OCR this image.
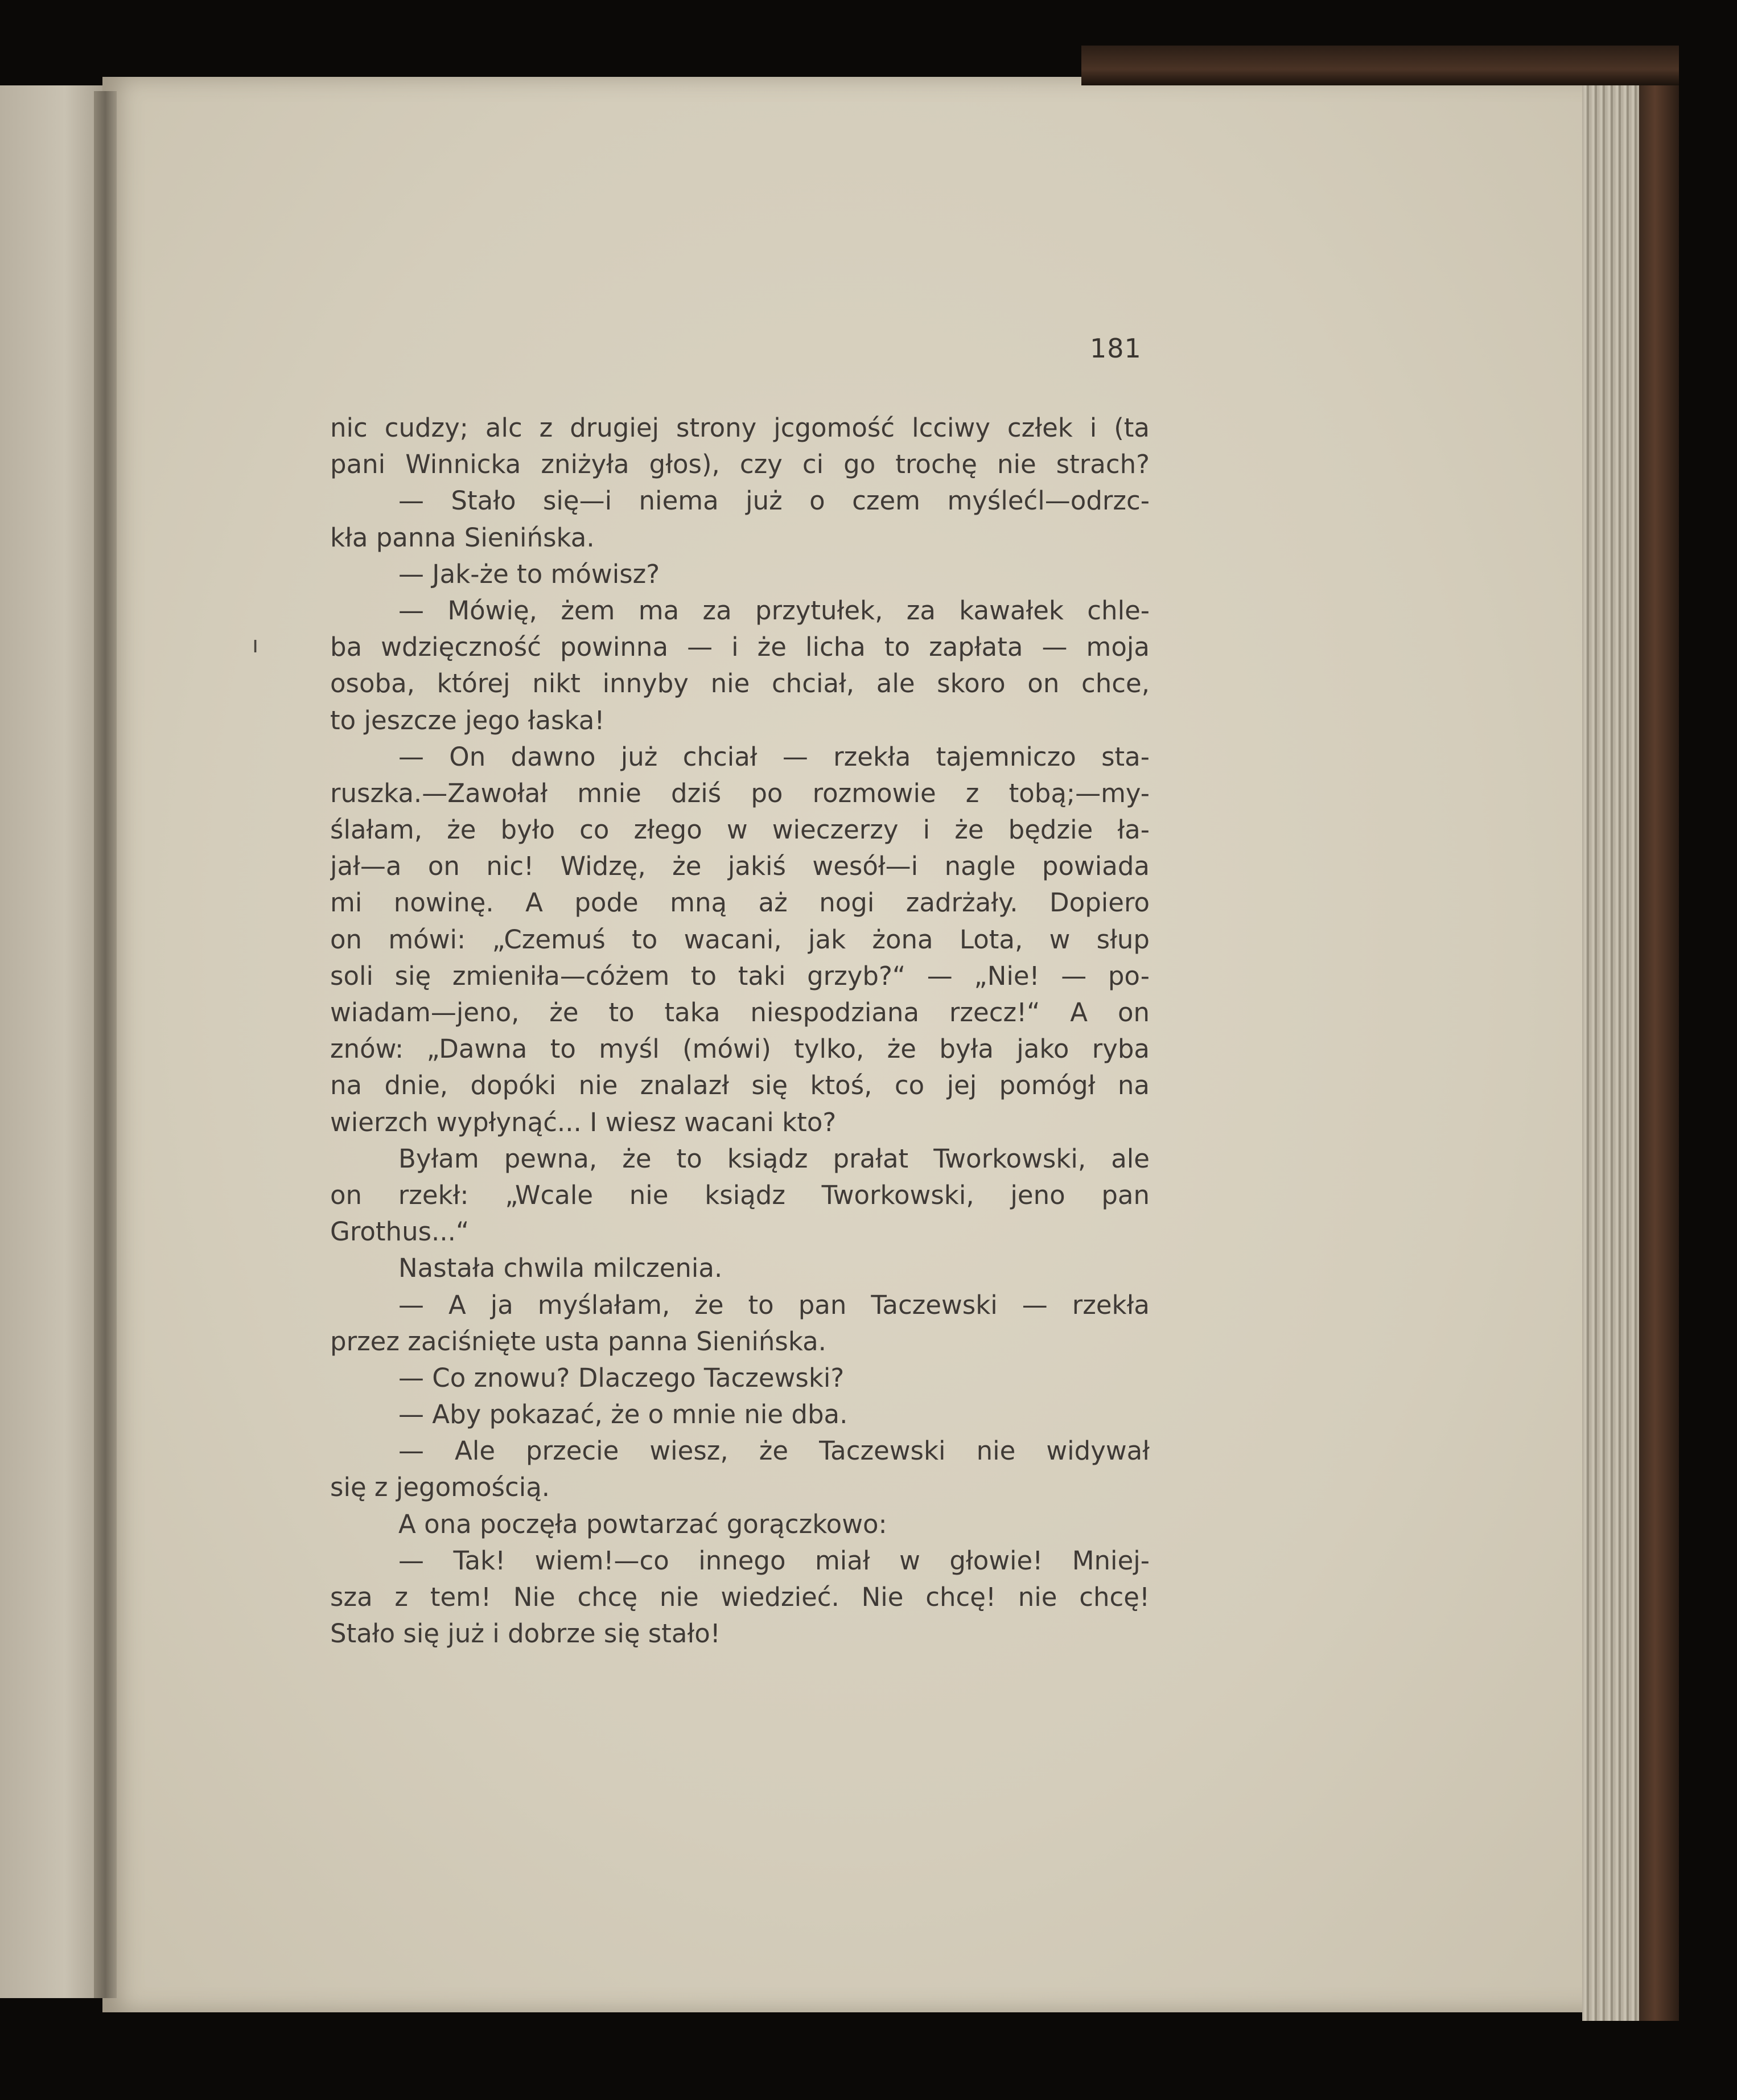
181
ı
nic cudzy; alc z drugiej strony jcgomość lcciwy człek i (ta
pani Winnicka zniżyła głos), czy ci go trochę nie strach?
— Stało się—i niema już o czem myślećl—odrzc-
kła panna Sienińska.
— Jak-że to mówisz?
— Mówię, żem ma za przytułek, za kawałek chle-
ba wdzięczność powinna — i że licha to zapłata — moja
osoba, której nikt innyby nie chciał, ale skoro on chce,
to jeszcze jego łaska!
— On dawno już chciał — rzekła tajemniczo sta-
ruszka.—Zawołał mnie dziś po rozmowie z tobą;—my-
ślałam, że było co złego w wieczerzy i że będzie ła-
jał—a on nic! Widzę, że jakiś wesół—i nagle powiada
mi nowinę. A pode mną aż nogi zadrżały. Dopiero
on mówi: „Czemuś to wacani, jak żona Lota, w słup
soli się zmieniła—cóżem to taki grzyb?“ — „Nie! — po-
wiadam—jeno, że to taka niespodziana rzecz!“ A on
znów: „Dawna to myśl (mówi) tylko, że była jako ryba
na dnie, dopóki nie znalazł się ktoś, co jej pomógł na
wierzch wypłynąć... I wiesz wacani kto?
Byłam pewna, że to ksiądz prałat Tworkowski, ale
on rzekł: „Wcale nie ksiądz Tworkowski, jeno pan
Grothus...“
Nastała chwila milczenia.
— A ja myślałam, że to pan Taczewski — rzekła
przez zaciśnięte usta panna Sienińska.
— Co znowu? Dlaczego Taczewski?
— Aby pokazać, że o mnie nie dba.
— Ale przecie wiesz, że Taczewski nie widywał
się z jegomością.
A ona poczęła powtarzać gorączkowo:
— Tak! wiem!—co innego miał w głowie! Mniej-
sza z tem! Nie chcę nie wiedzieć. Nie chcę! nie chcę!
Stało się już i dobrze się stało!
